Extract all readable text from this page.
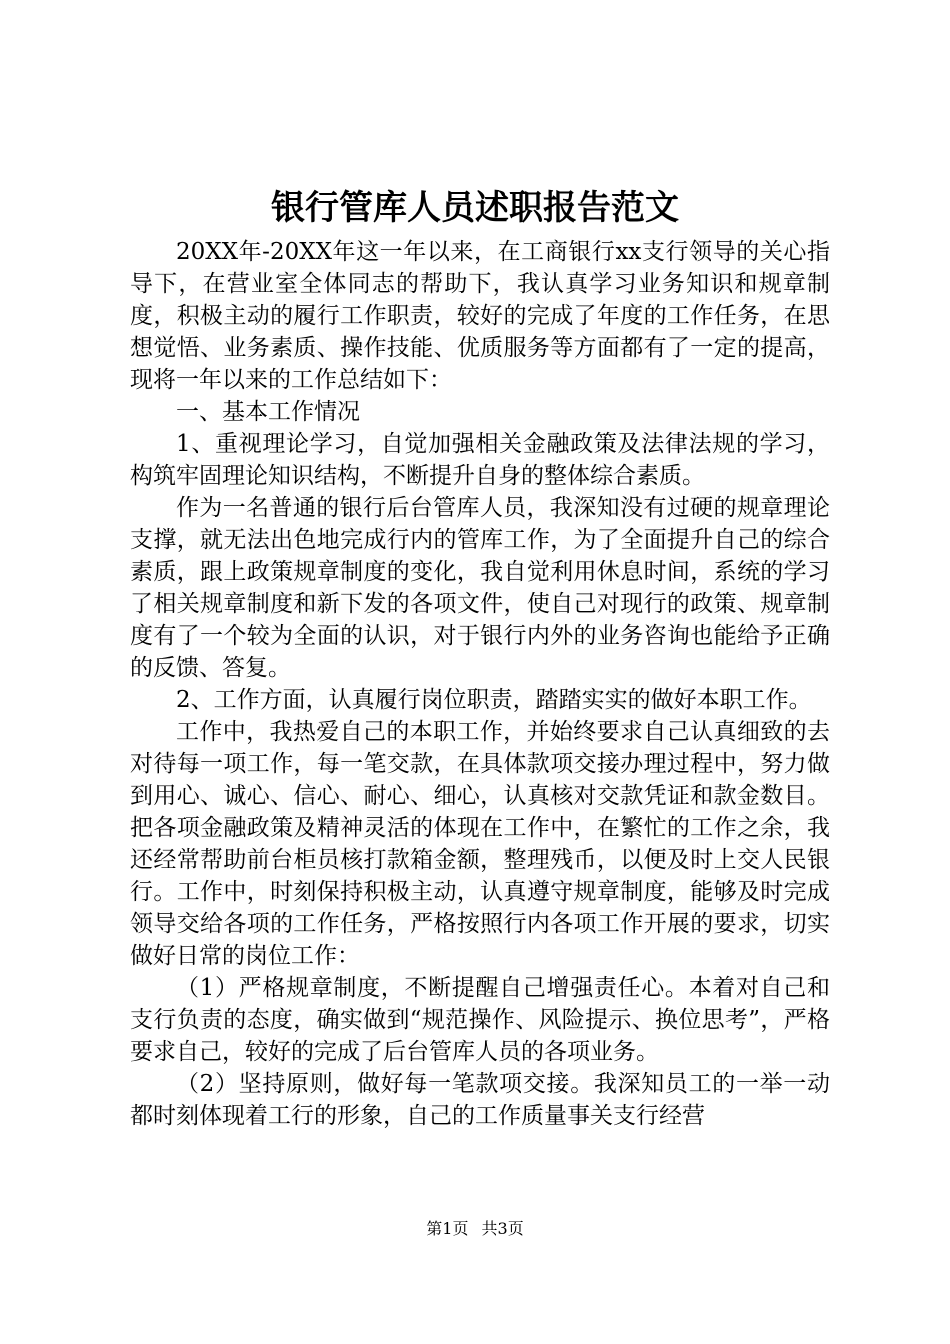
银行管库人员述职报告范文

20XX年-20XX年这一年以来，在工商银行xx支行领导的关心指导下，在营业室全体同志的帮助下，我认真学习业务知识和规章制度，积极主动的履行工作职责，较好的完成了年度的工作任务，在思想觉悟、业务素质、操作技能、优质服务等方面都有了一定的提高，现将一年以来的工作总结如下：

一、基本工作情况

1、重视理论学习，自觉加强相关金融政策及法律法规的学习，构筑牢固理论知识结构，不断提升自身的整体综合素质。

作为一名普通的银行后台管库人员，我深知没有过硬的规章理论支撑，就无法出色地完成行内的管库工作，为了全面提升自己的综合素质，跟上政策规章制度的变化，我自觉利用休息时间，系统的学习了相关规章制度和新下发的各项文件，使自己对现行的政策、规章制度有了一个较为全面的认识，对于银行内外的业务咨询也能给予正确的反馈、答复。

2、工作方面，认真履行岗位职责，踏踏实实的做好本职工作。

工作中，我热爱自己的本职工作，并始终要求自己认真细致的去对待每一项工作，每一笔交款，在具体款项交接办理过程中，努力做到用心、诚心、信心、耐心、细心，认真核对交款凭证和款金数目。把各项金融政策及精神灵活的体现在工作中，在繁忙的工作之余，我还经常帮助前台柜员核打款箱金额，整理残币，以便及时上交人民银行。工作中，时刻保持积极主动，认真遵守规章制度，能够及时完成领导交给各项的工作任务，严格按照行内各项工作开展的要求，切实做好日常的岗位工作：

（1）严格规章制度，不断提醒自己增强责任心。本着对自己和支行负责的态度，确实做到“规范操作、风险提示、换位思考”，严格要求自己，较好的完成了后台管库人员的各项业务。

（2）坚持原则，做好每一笔款项交接。我深知员工的一举一动都时刻体现着工行的形象，自己的工作质量事关支行经营

第1页 共3页
